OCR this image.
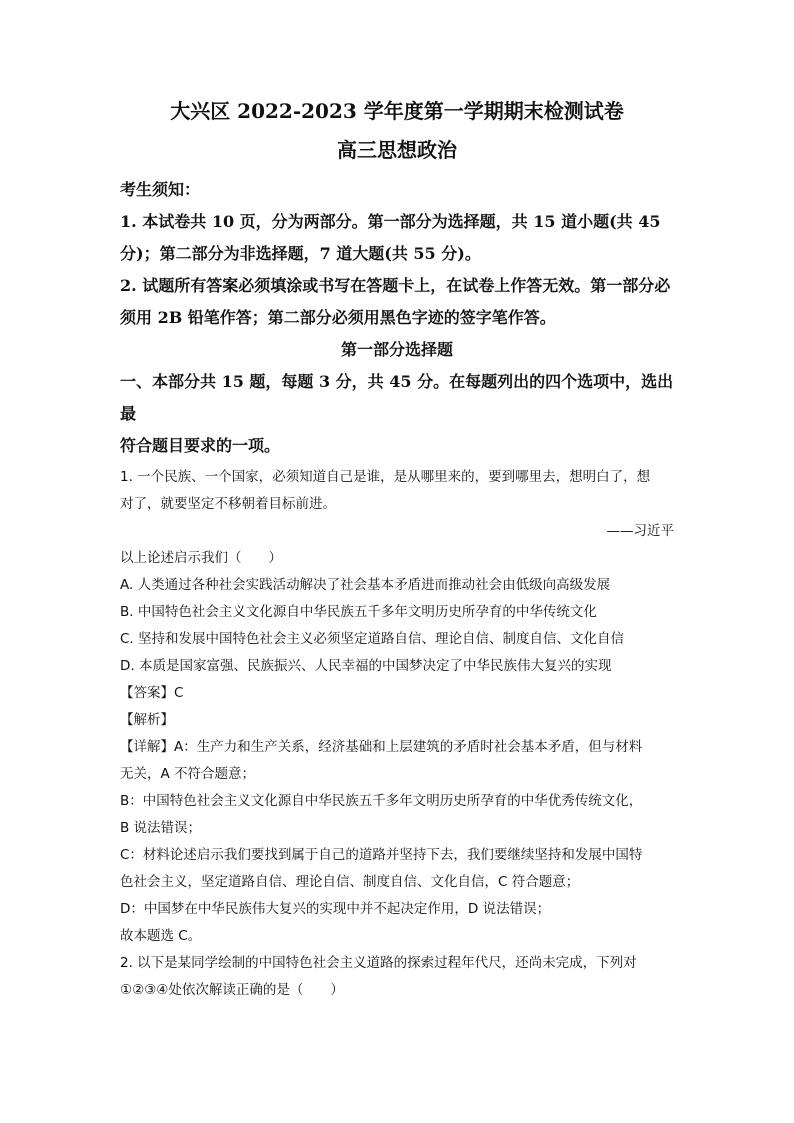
大兴区 2022-2023 学年度第一学期期末检测试卷
高三思想政治
考生须知：
1. 本试卷共 10 页，分为两部分。第一部分为选择题，共 15 道小题(共 45
分)；第二部分为非选择题，7 道大题(共 55 分)。
2. 试题所有答案必须填涂或书写在答题卡上，在试卷上作答无效。第一部分必
须用 2B 铅笔作答；第二部分必须用黑色字迹的签字笔作答。
第一部分选择题
一、本部分共 15 题，每题 3 分，共 45 分。在每题列出的四个选项中，选出最
符合题目要求的一项。
1. 一个民族、一个国家，必须知道自己是谁，是从哪里来的，要到哪里去，想明白了，想
对了，就要坚定不移朝着目标前进。
——习近平
以上论述启示我们（　　）
A. 人类通过各种社会实践活动解决了社会基本矛盾进而推动社会由低级向高级发展
B. 中国特色社会主义文化源自中华民族五千多年文明历史所孕育的中华传统文化
C. 坚持和发展中国特色社会主义必须坚定道路自信、理论自信、制度自信、文化自信
D. 本质是国家富强、民族振兴、人民幸福的中国梦决定了中华民族伟大复兴的实现
【答案】C
【解析】
【详解】A：生产力和生产关系，经济基础和上层建筑的矛盾时社会基本矛盾，但与材料
无关，A 不符合题意；
B：中国特色社会主义文化源自中华民族五千多年文明历史所孕育的中华优秀传统文化，
B 说法错误；
C：材料论述启示我们要找到属于自己的道路并坚持下去，我们要继续坚持和发展中国特
色社会主义，坚定道路自信、理论自信、制度自信、文化自信，C 符合题意；
D：中国梦在中华民族伟大复兴的实现中并不起决定作用，D 说法错误；
故本题选 C。
2. 以下是某同学绘制的中国特色社会主义道路的探索过程年代尺，还尚未完成，下列对
①②③④处依次解读正确的是（　　）
